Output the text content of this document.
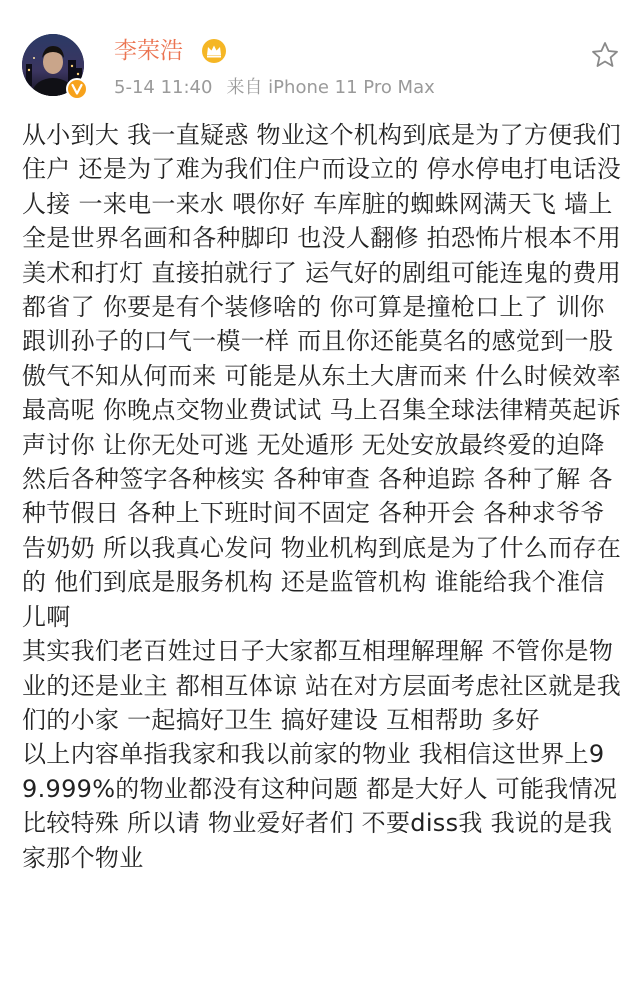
李荣浩
5-14 11:40 来自 iPhone 11 Pro Max

从小到大 我一直疑惑 物业这个机构到底是为了方便我们住户 还是为了难为我们住户而设立的 停水停电打电话没人接 一来电一来水 喂你好 车库脏的蜘蛛网满天飞 墙上全是世界名画和各种脚印 也没人翻修 拍恐怖片根本不用美术和打灯 直接拍就行了 运气好的剧组可能连鬼的费用都省了 你要是有个装修啥的 你可算是撞枪口上了 训你跟训孙子的口气一模一样 而且你还能莫名的感觉到一股傲气不知从何而来 可能是从东土大唐而来 什么时候效率最高呢 你晚点交物业费试试 马上召集全球法律精英起诉声讨你 让你无处可逃 无处遁形 无处安放最终爱的迫降 然后各种签字各种核实 各种审查 各种追踪 各种了解 各种节假日 各种上下班时间不固定 各种开会 各种求爷爷告奶奶 所以我真心发问 物业机构到底是为了什么而存在的 他们到底是服务机构 还是监管机构 谁能给我个准信儿啊

其实我们老百姓过日子大家都互相理解理解 不管你是物业的还是业主 都相互体谅 站在对方层面考虑社区就是我们的小家 一起搞好卫生 搞好建设 互相帮助 多好

以上内容单指我家和我以前家的物业 我相信这世界上99.999%的物业都没有这种问题 都是大好人 可能我情况比较特殊 所以请 物业爱好者们 不要diss我 我说的是我家那个物业
